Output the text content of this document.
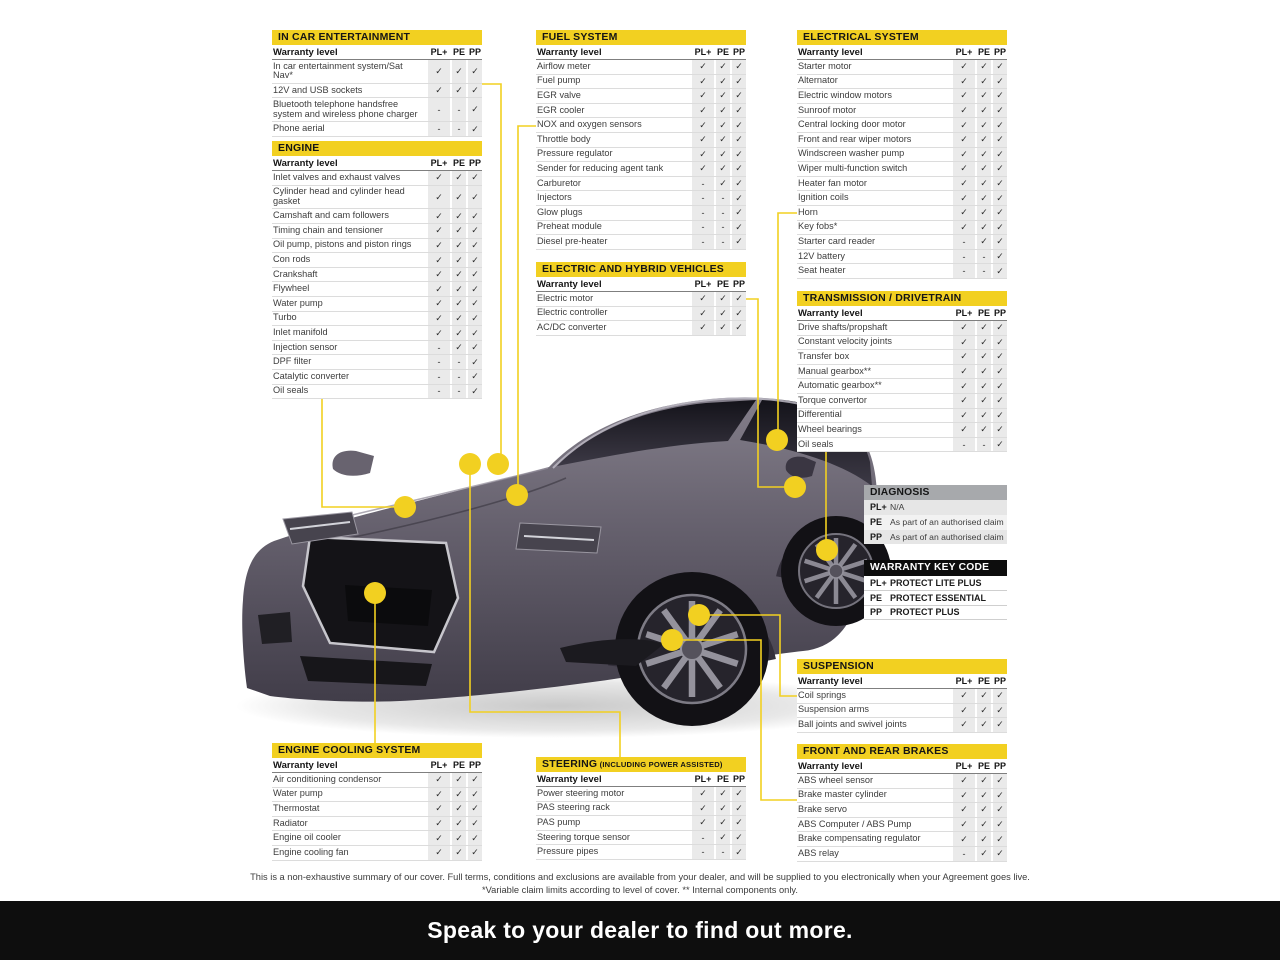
IN CAR ENTERTAINMENT
Warranty level	PL+ PE PP
In car entertainment system/Sat Nav*	✓	✓ ✓
12V and USB sockets	✓	✓ ✓
Bluetooth telephone handsfree system and wireless phone charger	-	-	✓
Phone aerial	-	-	✓
ENGINE
Warranty level	PL+ PE PP
Inlet valves and exhaust valves	✓	✓ ✓
Cylinder head and cylinder head gasket	✓	✓ ✓
Camshaft and cam followers	✓	✓ ✓
Timing chain and tensioner	✓	✓ ✓
Oil pump, pistons and piston rings	✓	✓ ✓
Con rods	✓	✓ ✓
Crankshaft	✓	✓ ✓
Flywheel	✓	✓ ✓
Water pump	✓	✓ ✓
Turbo	✓	✓ ✓
Inlet manifold	✓	✓ ✓
Injection sensor	-	✓ ✓
DPF filter	-	-	✓
Catalytic converter	-	-	✓
Oil seals	-	-	✓
ENGINE COOLING SYSTEM
Warranty level	PL+ PE PP
Air conditioning condensor	✓	✓ ✓
Water pump	✓	✓ ✓
Thermostat	✓	✓ ✓
Radiator	✓	✓ ✓
Engine oil cooler	✓	✓ ✓
Engine cooling fan	✓	✓ ✓
FUEL SYSTEM
Warranty level	PL+ PE PP
Airflow meter	✓	✓ ✓
Fuel pump	✓	✓ ✓
EGR valve	✓	✓ ✓
EGR cooler	✓	✓ ✓
NOX and oxygen sensors	✓	✓ ✓
Throttle body	✓	✓ ✓
Pressure regulator	✓	✓ ✓
Sender for reducing agent tank	✓	✓ ✓
Carburetor	-	✓ ✓
Injectors	-	-	✓
Glow plugs	-	-	✓
Preheat module	-	-	✓
Diesel pre-heater	-	-	✓
ELECTRIC AND HYBRID VEHICLES
Warranty level	PL+ PE PP
Electric motor	✓	✓ ✓
Electric controller	✓	✓ ✓
AC/DC converter	✓	✓ ✓
STEERING (INCLUDING POWER ASSISTED)
Warranty level	PL+ PE PP
Power steering motor	✓	✓ ✓
PAS steering rack	✓	✓ ✓
PAS pump	✓	✓ ✓
Steering torque sensor	-	✓ ✓
Pressure pipes	-	-	✓
ELECTRICAL SYSTEM
Warranty level	PL+ PE PP
Starter motor	✓	✓ ✓
Alternator	✓	✓ ✓
Electric window motors	✓	✓ ✓
Sunroof motor	✓	✓ ✓
Central locking door motor	✓	✓ ✓
Front and rear wiper motors	✓	✓ ✓
Windscreen washer pump	✓	✓ ✓
Wiper multi-function switch	✓	✓ ✓
Heater fan motor	✓	✓ ✓
Ignition coils	✓	✓ ✓
Horn	✓	✓ ✓
Key fobs*	✓	✓ ✓
Starter card reader	-	✓ ✓
12V battery	-	-	✓
Seat heater	-	-	✓
TRANSMISSION / DRIVETRAIN
Warranty level	PL+ PE PP
Drive shafts/propshaft	✓	✓ ✓
Constant velocity joints	✓	✓ ✓
Transfer box	✓	✓ ✓
Manual gearbox**	✓	✓ ✓
Automatic gearbox**	✓	✓ ✓
Torque convertor	✓	✓ ✓
Differential	✓	✓ ✓
Wheel bearings	✓	✓ ✓
Oil seals	-	-	✓
SUSPENSION
Warranty level	PL+ PE PP
Coil springs	✓	✓ ✓
Suspension arms	✓	✓ ✓
Ball joints and swivel joints	✓	✓ ✓
FRONT AND REAR BRAKES
Warranty level	PL+ PE PP
ABS wheel sensor	✓	✓ ✓
Brake master cylinder	✓	✓ ✓
Brake servo	✓	✓ ✓
ABS Computer / ABS Pump	✓	✓ ✓
Brake compensating regulator	✓	✓ ✓
ABS relay	-	✓ ✓
DIAGNOSIS
PL+ N/A
PE As part of an authorised claim
PP As part of an authorised claim
WARRANTY KEY CODE
PL+ PROTECT LITE PLUS
PE PROTECT ESSENTIAL
PP PROTECT PLUS
This is a non-exhaustive summary of our cover. Full terms, conditions and exclusions are available from your dealer, and will be supplied to you electronically when your Agreement goes live.
*Variable claim limits according to level of cover. ** Internal components only.
Speak to your dealer to find out more.
